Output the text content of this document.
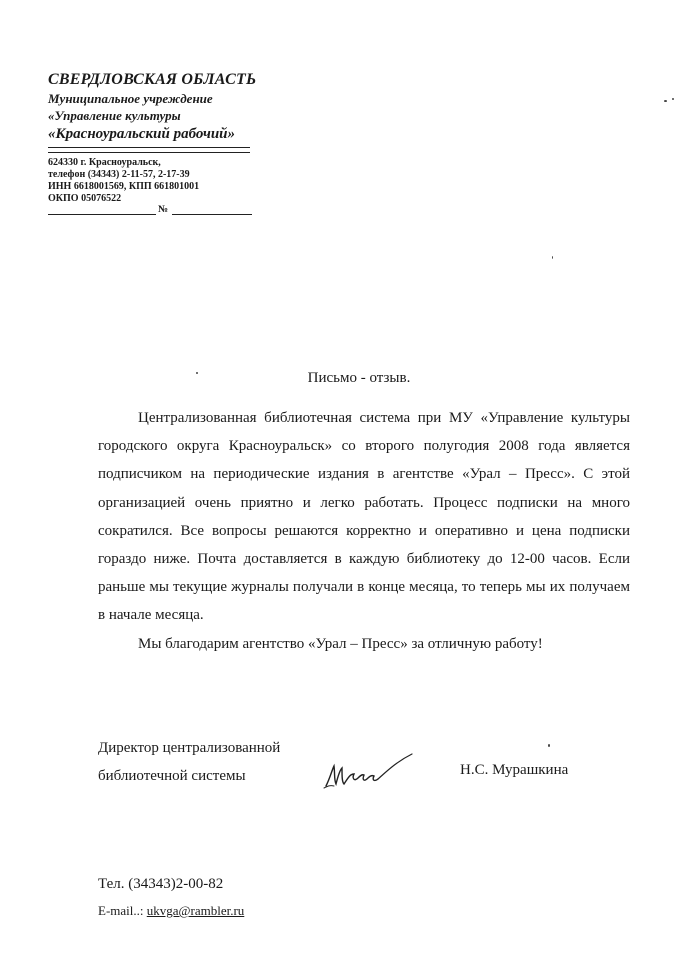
СВЕРДЛОВСКАЯ ОБЛАСТЬ

Муниципальное учреждение

«Управление культуры

«Красноуральский рабочий»

624330 г. Красноуральск,

телефон (34343) 2-11-57, 2-17-39

ИНН 6618001569, КПП 661801001

ОКПО 05076522

№

Письмо - отзыв.

Централизованная библиотечная система при МУ «Управление культуры городского округа Красноуральск» со второго полугодия 2008 года является подписчиком на периодические издания в агентстве «Урал – Пресс». С этой организацией очень приятно и легко работать. Процесс подписки на много сократился. Все вопросы решаются корректно и оперативно и цена подписки гораздо ниже. Почта доставляется в каждую библиотеку до 12-00 часов. Если раньше мы текущие журналы получали в конце месяца, то теперь мы их получаем в начале месяца.

Мы благодарим агентство «Урал – Пресс» за отличную работу!

Директор централизованной
библиотечной системы	Н.С. Мурашкина

Тел. (34343)2-00-82

E-mail..: ukvga@rambler.ru
